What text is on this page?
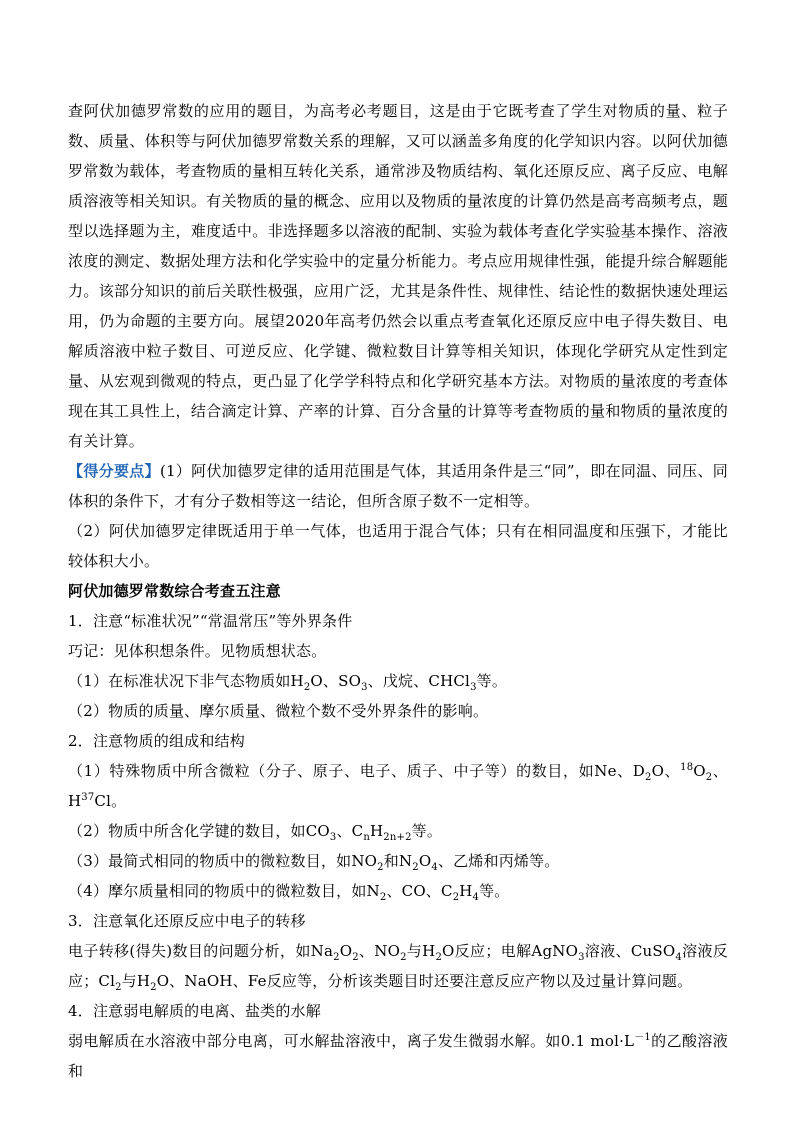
查阿伏加德罗常数的应用的题目，为高考必考题目，这是由于它既考查了学生对物质的量、粒子数、质量、体积等与阿伏加德罗常数关系的理解，又可以涵盖多角度的化学知识内容。以阿伏加德罗常数为载体，考查物质的量相互转化关系，通常涉及物质结构、氧化还原反应、离子反应、电解质溶液等相关知识。有关物质的量的概念、应用以及物质的量浓度的计算仍然是高考高频考点，题型以选择题为主，难度适中。非选择题多以溶液的配制、实验为载体考查化学实验基本操作、溶液浓度的测定、数据处理方法和化学实验中的定量分析能力。考点应用规律性强，能提升综合解题能力。该部分知识的前后关联性极强，应用广泛，尤其是条件性、规律性、结论性的数据快速处理运用，仍为命题的主要方向。展望2020年高考仍然会以重点考查氧化还原反应中电子得失数目、电解质溶液中粒子数目、可逆反应、化学键、微粒数目计算等相关知识，体现化学研究从定性到定量、从宏观到微观的特点，更凸显了化学学科特点和化学研究基本方法。对物质的量浓度的考查体现在其工具性上，结合滴定计算、产率的计算、百分含量的计算等考查物质的量和物质的量浓度的有关计算。

【得分要点】(1）阿伏加德罗定律的适用范围是气体，其适用条件是三“同”，即在同温、同压、同体积的条件下，才有分子数相等这一结论，但所含原子数不一定相等。

（2）阿伏加德罗定律既适用于单一气体，也适用于混合气体；只有在相同温度和压强下，才能比较体积大小。

阿伏加德罗常数综合考查五注意

1．注意“标准状况”“常温常压”等外界条件

巧记：见体积想条件。见物质想状态。

（1）在标准状况下非气态物质如$H_2O$、$SO_3$、戊烷、CHCl$_3$等。

（2）物质的质量、摩尔质量、微粒个数不受外界条件的影响。

2．注意物质的组成和结构

（1）特殊物质中所含微粒（分子、原子、电子、质子、中子等）的数目，如Ne、$D_2O$、$^{18}O_2$、$H^{37}Cl$。

（2）物质中所含化学键的数目，如$CO_3$、$C_nH_{2n+2}$等。

（3）最简式相同的物质中的微粒数目，如$NO_2$和$N_2O_4$、乙烯和丙烯等。

（4）摩尔质量相同的物质中的微粒数目，如$N_2$、CO、$C_2H_4$等。

3．注意氧化还原反应中电子的转移

电子转移(得失)数目的问题分析，如$Na_2O_2$、$NO_2$与$H_2O$反应；电解AgNO$_3$溶液、CuSO$_4$溶液反应；$Cl_2$与$H_2O$、NaOH、Fe反应等，分析该类题目时还要注意反应产物以及过量计算问题。

4．注意弱电解质的电离、盐类的水解

弱电解质在水溶液中部分电离，可水解盐溶液中，离子发生微弱水解。如0.1 $mol\cdot L^{-1}$的乙酸溶液和
